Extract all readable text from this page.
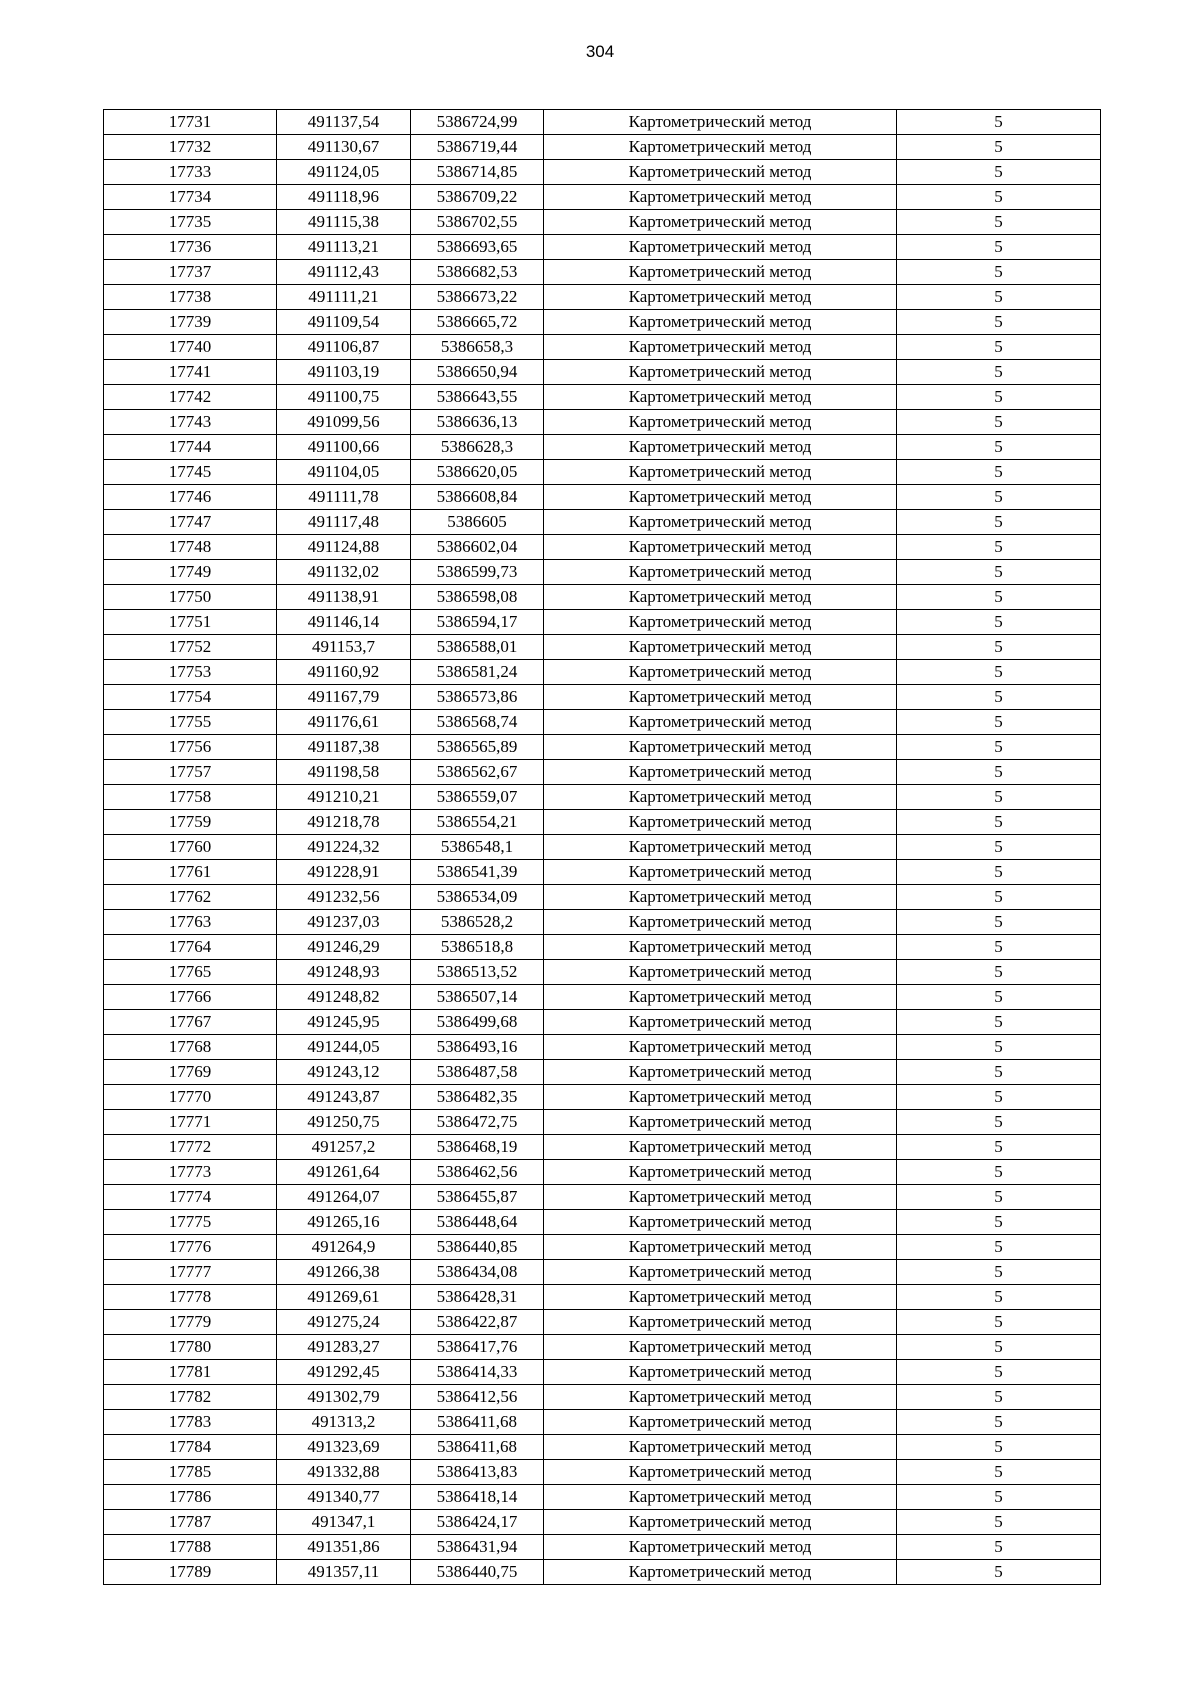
304
17731	491137,54	5386724,99	Картометрический метод	5
17732	491130,67	5386719,44	Картометрический метод	5
17733	491124,05	5386714,85	Картометрический метод	5
17734	491118,96	5386709,22	Картометрический метод	5
17735	491115,38	5386702,55	Картометрический метод	5
17736	491113,21	5386693,65	Картометрический метод	5
17737	491112,43	5386682,53	Картометрический метод	5
17738	491111,21	5386673,22	Картометрический метод	5
17739	491109,54	5386665,72	Картометрический метод	5
17740	491106,87	5386658,3	Картометрический метод	5
17741	491103,19	5386650,94	Картометрический метод	5
17742	491100,75	5386643,55	Картометрический метод	5
17743	491099,56	5386636,13	Картометрический метод	5
17744	491100,66	5386628,3	Картометрический метод	5
17745	491104,05	5386620,05	Картометрический метод	5
17746	491111,78	5386608,84	Картометрический метод	5
17747	491117,48	5386605	Картометрический метод	5
17748	491124,88	5386602,04	Картометрический метод	5
17749	491132,02	5386599,73	Картометрический метод	5
17750	491138,91	5386598,08	Картометрический метод	5
17751	491146,14	5386594,17	Картометрический метод	5
17752	491153,7	5386588,01	Картометрический метод	5
17753	491160,92	5386581,24	Картометрический метод	5
17754	491167,79	5386573,86	Картометрический метод	5
17755	491176,61	5386568,74	Картометрический метод	5
17756	491187,38	5386565,89	Картометрический метод	5
17757	491198,58	5386562,67	Картометрический метод	5
17758	491210,21	5386559,07	Картометрический метод	5
17759	491218,78	5386554,21	Картометрический метод	5
17760	491224,32	5386548,1	Картометрический метод	5
17761	491228,91	5386541,39	Картометрический метод	5
17762	491232,56	5386534,09	Картометрический метод	5
17763	491237,03	5386528,2	Картометрический метод	5
17764	491246,29	5386518,8	Картометрический метод	5
17765	491248,93	5386513,52	Картометрический метод	5
17766	491248,82	5386507,14	Картометрический метод	5
17767	491245,95	5386499,68	Картометрический метод	5
17768	491244,05	5386493,16	Картометрический метод	5
17769	491243,12	5386487,58	Картометрический метод	5
17770	491243,87	5386482,35	Картометрический метод	5
17771	491250,75	5386472,75	Картометрический метод	5
17772	491257,2	5386468,19	Картометрический метод	5
17773	491261,64	5386462,56	Картометрический метод	5
17774	491264,07	5386455,87	Картометрический метод	5
17775	491265,16	5386448,64	Картометрический метод	5
17776	491264,9	5386440,85	Картометрический метод	5
17777	491266,38	5386434,08	Картометрический метод	5
17778	491269,61	5386428,31	Картометрический метод	5
17779	491275,24	5386422,87	Картометрический метод	5
17780	491283,27	5386417,76	Картометрический метод	5
17781	491292,45	5386414,33	Картометрический метод	5
17782	491302,79	5386412,56	Картометрический метод	5
17783	491313,2	5386411,68	Картометрический метод	5
17784	491323,69	5386411,68	Картометрический метод	5
17785	491332,88	5386413,83	Картометрический метод	5
17786	491340,77	5386418,14	Картометрический метод	5
17787	491347,1	5386424,17	Картометрический метод	5
17788	491351,86	5386431,94	Картометрический метод	5
17789	491357,11	5386440,75	Картометрический метод	5
